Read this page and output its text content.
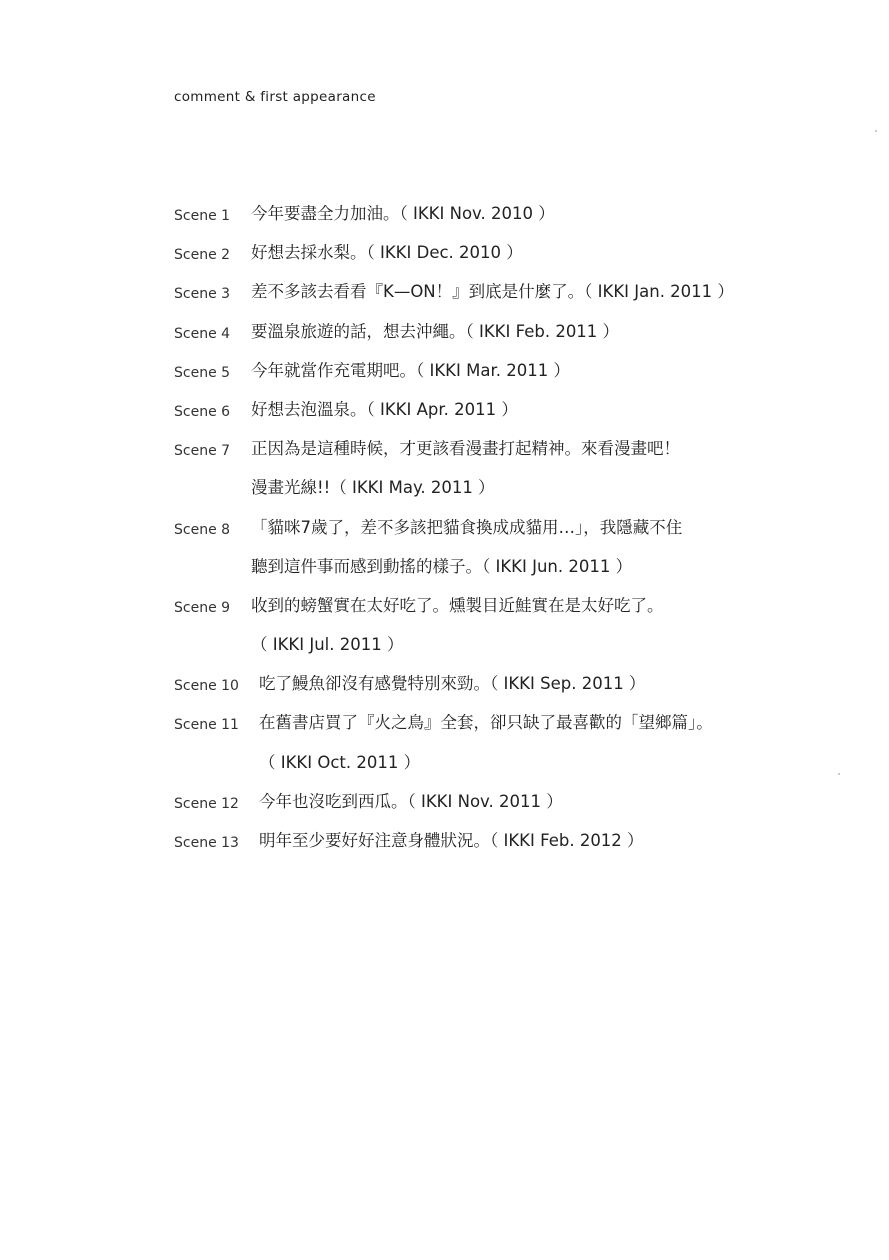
comment & first appearance
Scene 1	今年要盡全力加油。（ IKKI Nov. 2010 ）
Scene 2	好想去採水梨。（ IKKI Dec. 2010 ）
Scene 3	差不多該去看看『K—ON！』到底是什麼了。（ IKKI Jan. 2011 ）
Scene 4	要溫泉旅遊的話，想去沖繩。（ IKKI Feb. 2011 ）
Scene 5	今年就當作充電期吧。（ IKKI Mar. 2011 ）
Scene 6	好想去泡溫泉。（ IKKI Apr. 2011 ）
Scene 7	正因為是這種時候，才更該看漫畫打起精神。來看漫畫吧！
漫畫光線!!（ IKKI May. 2011 ）
Scene 8	「貓咪7歲了，差不多該把貓食換成成貓用…」，我隱藏不住
聽到這件事而感到動搖的樣子。（ IKKI Jun. 2011 ）
Scene 9	收到的螃蟹實在太好吃了。燻製目近鮭實在是太好吃了。
（ IKKI Jul. 2011 ）
Scene 10	吃了鰻魚卻沒有感覺特別來勁。（ IKKI Sep. 2011 ）
Scene 11	在舊書店買了『火之鳥』全套，卻只缺了最喜歡的「望鄉篇」。
（ IKKI Oct. 2011 ）
Scene 12	今年也沒吃到西瓜。（ IKKI Nov. 2011 ）
Scene 13	明年至少要好好注意身體狀況。（ IKKI Feb. 2012 ）
